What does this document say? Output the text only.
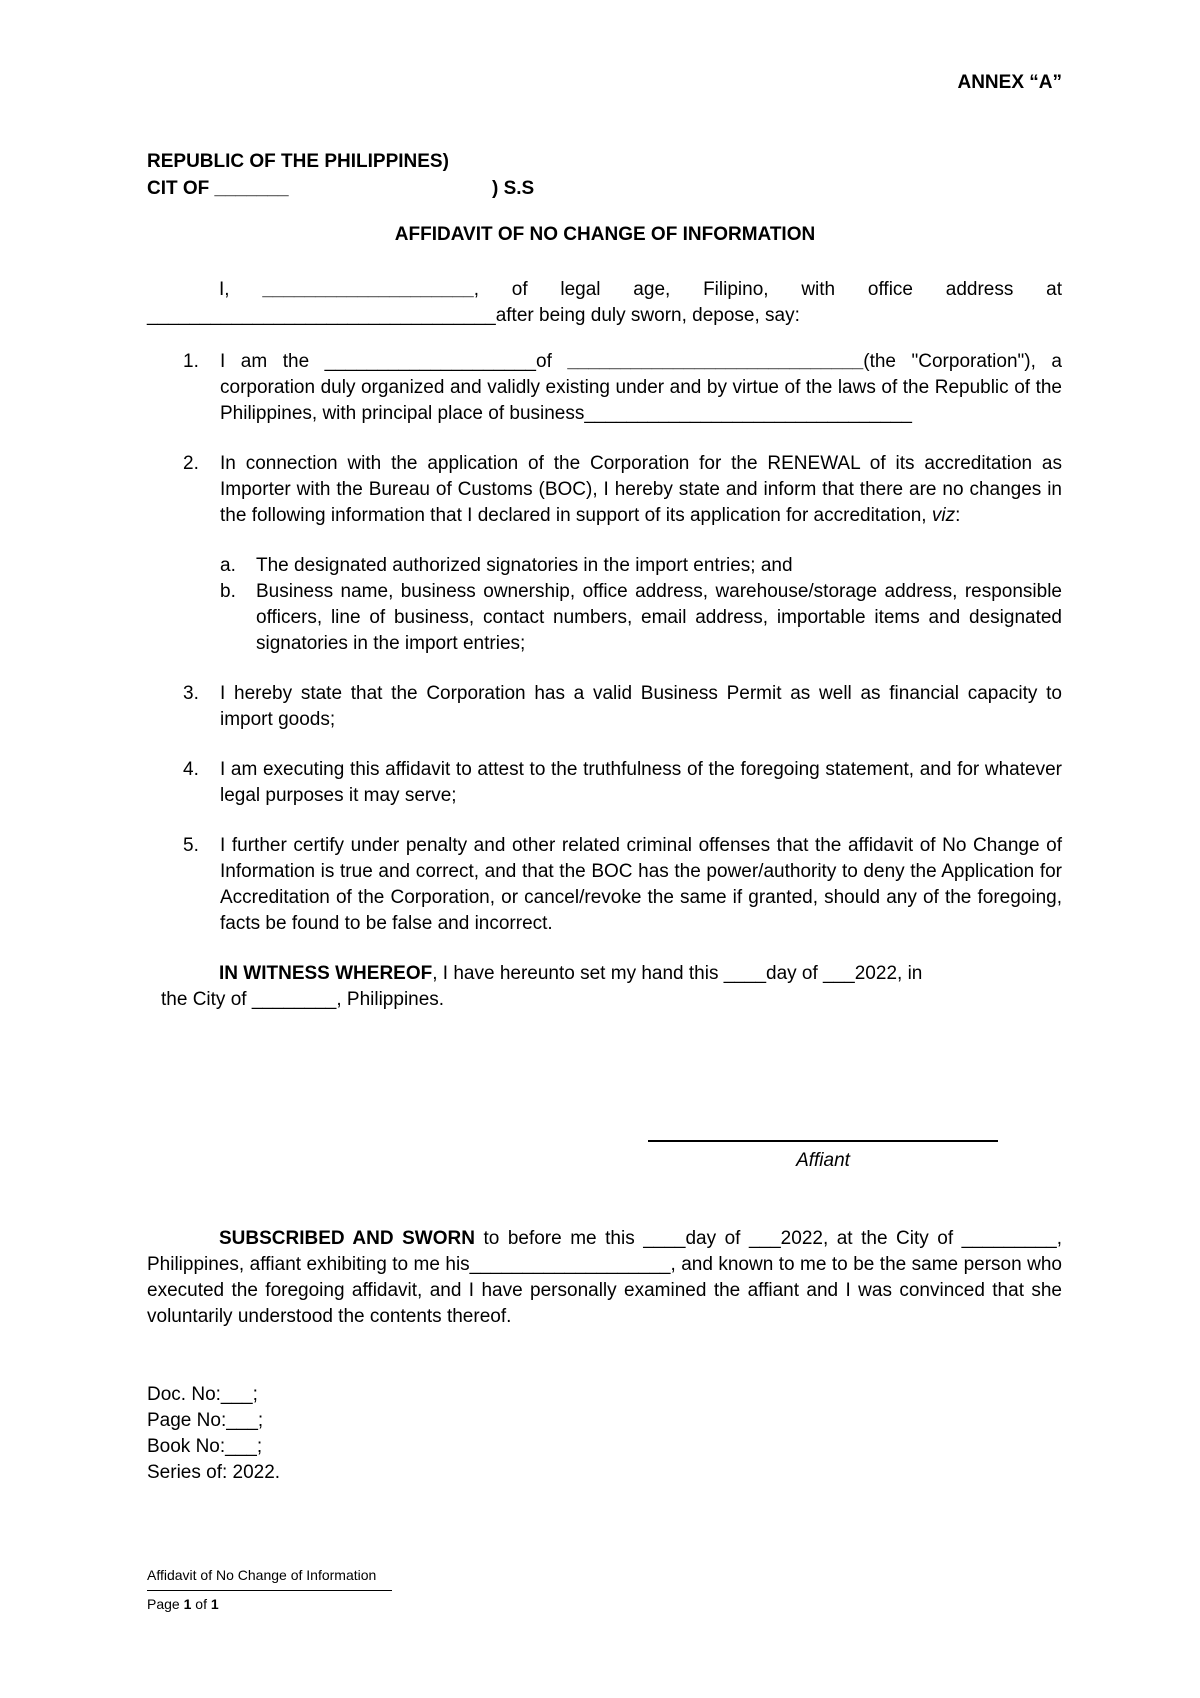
ANNEX “A”
REPUBLIC OF THE PHILIPPINES)
CIT OF _______	) S.S
AFFIDAVIT OF NO CHANGE OF INFORMATION

I, ____________________, of legal age, Filipino, with office address at _________________________________after being duly sworn, depose, say:

1. I am the ____________________of ____________________________(the "Corporation"), a corporation duly organized and validly existing under and by virtue of the laws of the Republic of the Philippines, with principal place of business_______________________________
2. In connection with the application of the Corporation for the RENEWAL of its accreditation as Importer with the Bureau of Customs (BOC), I hereby state and inform that there are no changes in the following information that I declared in support of its application for accreditation, viz:
a. The designated authorized signatories in the import entries; and
b. Business name, business ownership, office address, warehouse/storage address, responsible officers, line of business, contact numbers, email address, importable items and designated signatories in the import entries;
3. I hereby state that the Corporation has a valid Business Permit as well as financial capacity to import goods;
4. I am executing this affidavit to attest to the truthfulness of the foregoing statement, and for whatever legal purposes it may serve;
5. I further certify under penalty and other related criminal offenses that the affidavit of No Change of Information is true and correct, and that the BOC has the power/authority to deny the Application for Accreditation of the Corporation, or cancel/revoke the same if granted, should any of the foregoing, facts be found to be false and incorrect.

IN WITNESS WHEREOF, I have hereunto set my hand this ____day of ___2022, in

the City of ________, Philippines.

Affiant

SUBSCRIBED AND SWORN to before me this ____day of ___2022, at the City of _________, Philippines, affiant exhibiting to me his___________________, and known to me to be the same person who executed the foregoing affidavit, and I have personally examined the affiant and I was convinced that she voluntarily understood the contents thereof.

Doc. No:___;
Page No:___;
Book No:___;
Series of: 2022.
Affidavit of No Change of Information
Page 1 of 1
